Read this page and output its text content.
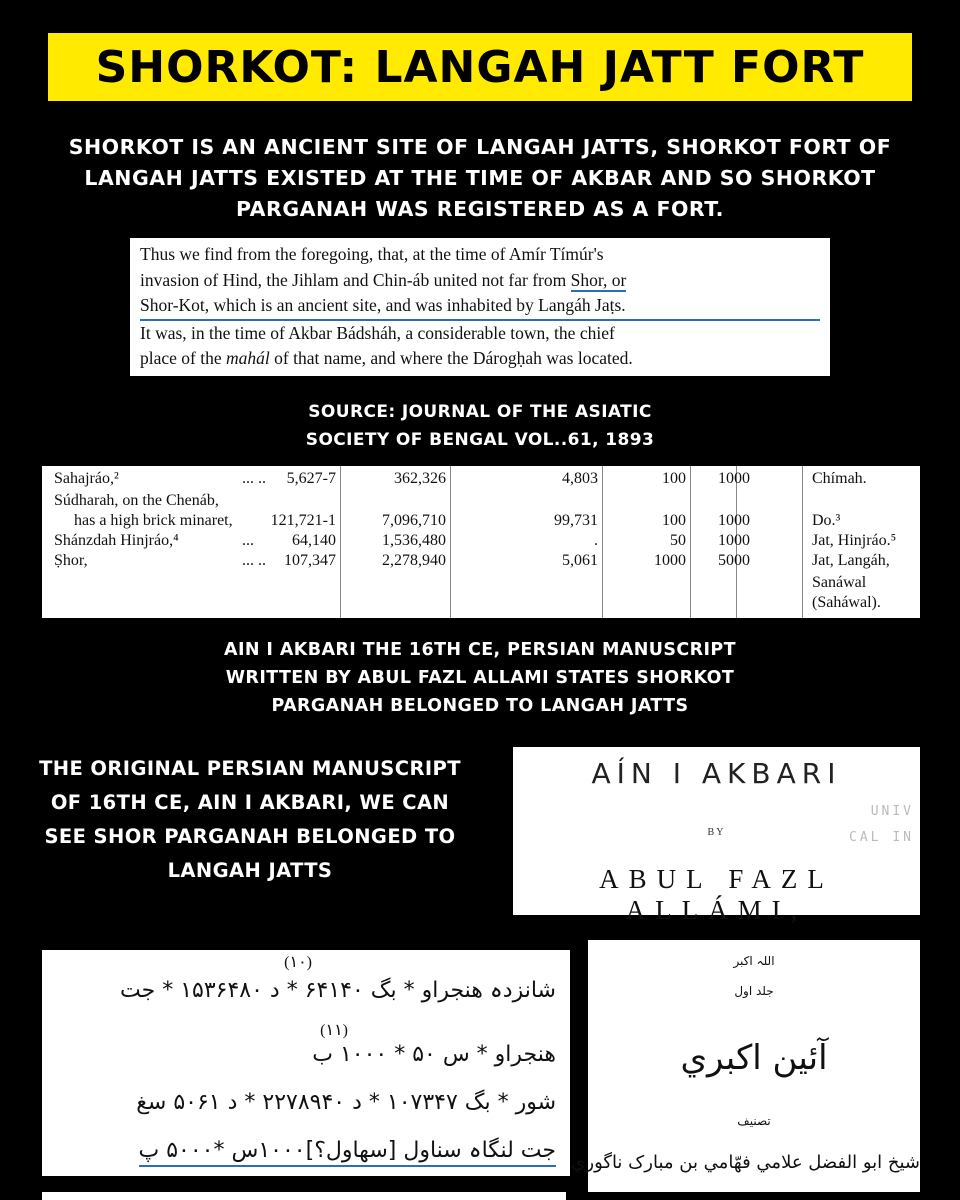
SHORKOT: LANGAH JATT FORT
SHORKOT IS AN ANCIENT SITE OF LANGAH JATTS, SHORKOT FORT OF LANGAH JATTS EXISTED AT THE TIME OF AKBAR AND SO SHORKOT PARGANAH WAS REGISTERED AS A FORT.

Thus we find from the foregoing, that, at the time of Amír Tímúr's
invasion of Hind, the Jihlam and Chin-áb united not far from Shor, or
Shor-Kot, which is an ancient site, and was inhabited by Langáh Jaṭs.
It was, in the time of Akbar Bádsháh, a considerable town, the chief
place of the mahál of that name, and where the Dárogḥah was located.

SOURCE: JOURNAL OF THE ASIATIC
SOCIETY OF BENGAL VOL..61, 1893
Sahajráo,²	... .. 5,627-7	362,326	4,803	100 1000	Chímah.
Súdharah, on the Chenáb,
has a high brick minaret, 121,721-1	7,096,710	99,731	100 1000	Do.³
Shánzdah Hinjráo,⁴	... 64,140	1,536,480	.	50 1000	Jat, Hinjráo.⁵
Ṣhor,	... .. 107,347	2,278,940	5,061	1000 5000	Jat, Langáh,
Sanáwal
(Saháwal).
AIN I AKBARI THE 16TH CE, PERSIAN MANUSCRIPT
WRITTEN BY ABUL FAZL ALLAMI STATES SHORKOT
PARGANAH BELONGED TO LANGAH JATTS
THE ORIGINAL PERSIAN MANUSCRIPT OF 16TH CE, AIN I AKBARI, WE CAN SEE SHOR PARGANAH BELONGED TO LANGAH JATTS
AÍN I AKBARI
UNIV
CAL IN
BY
ABUL FAZL ALLÁMI,
(۱۰)
شانزدہ ھنجراو * بگ ۶۴۱۴۰ * د ۱۵۳۶۴۸۰ * جت
(۱۱)
ھنجراو * س ۵۰ * ۱۰۰۰ ب
شور * بگ ۱۰۷۳۴۷ * د ۲۲۷۸۹۴۰ * د ۵۰۶۱ سغ
جت لنگاہ سناول [سھاول؟]۱۰۰۰س *۵۰۰۰ پ
اللہ اکبر
جلد اول
آئین اکبري
تصنیف
شیخ ابو الفضل علامي فهّامي بن مبارک ناگوري
